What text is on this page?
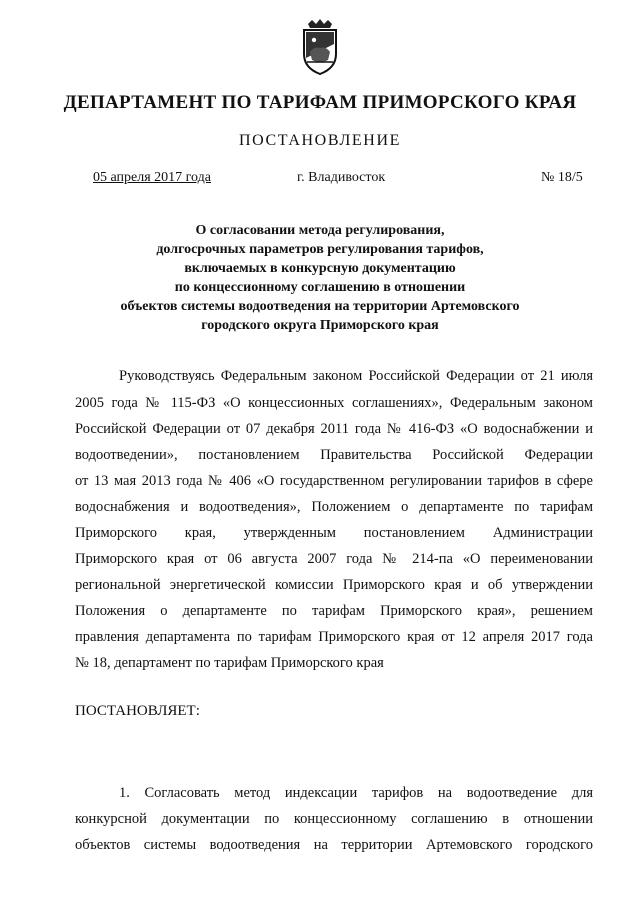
ДЕПАРТАМЕНТ ПО ТАРИФАМ ПРИМОРСКОГО КРАЯ
ПОСТАНОВЛЕНИЕ
05 апреля 2017 года	г. Владивосток	№ 18/5
О согласовании метода регулирования,
долгосрочных параметров регулирования тарифов,
включаемых в конкурсную документацию
по концессионному соглашению в отношении
объектов системы водоотведения на территории Артемовского
городского округа Приморского края
Руководствуясь Федеральным законом Российской Федерации от 21 июля
2005 года № 115-ФЗ «О концессионных соглашениях», Федеральным законом
Российской Федерации от 07 декабря 2011 года № 416-ФЗ «О водоснабжении и
водоотведении», постановлением Правительства Российской Федерации
от 13 мая 2013 года № 406 «О государственном регулировании тарифов в сфере
водоснабжения и водоотведения», Положением о департаменте по тарифам
Приморского края, утвержденным постановлением Администрации
Приморского края от 06 августа 2007 года № 214-па «О переименовании
региональной энергетической комиссии Приморского края и об утверждении
Положения о департаменте по тарифам Приморского края», решением
правления департамента по тарифам Приморского края от 12 апреля 2017 года
№ 18, департамент по тарифам Приморского края
ПОСТАНОВЛЯЕТ:
1. Согласовать метод индексации тарифов на водоотведение для
конкурсной документации по концессионному соглашению в отношении
объектов системы водоотведения на территории Артемовского городского
